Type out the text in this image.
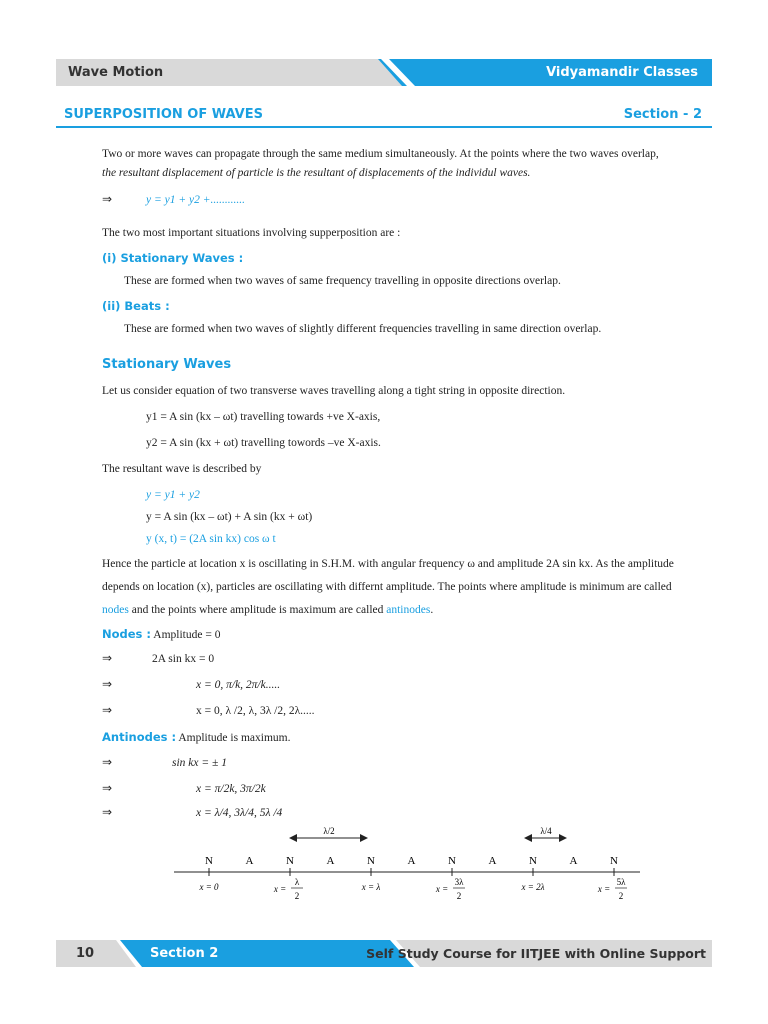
Wave Motion	Vidyamandir Classes
SUPERPOSITION OF WAVES	Section - 2
Two or more waves can propagate through the same medium simultaneously. At the points where the two waves overlap,
the resultant displacement of particle is the resultant of displacements of the individul waves.
⇒	y = y1 + y2 +............
The two most important situations involving supperposition are :
(i) Stationary Waves :
These are formed when two waves of same frequency travelling in opposite directions overlap.
(ii) Beats :
These are formed when two waves of slightly different frequencies travelling in same direction overlap.
Stationary Waves
Let us consider equation of two transverse waves travelling along a tight string in opposite direction.
y1 = A sin (kx – ωt) travelling towards +ve X-axis,
y2 = A sin (kx + ωt) travelling towords –ve X-axis.
The resultant wave is described by
y = y1 + y2
y = A sin (kx – ωt) + A sin (kx + ωt)
y (x, t) = (2A sin kx) cos ω t
Hence the particle at location x is oscillating in S.H.M. with angular frequency ω and amplitude 2A sin kx. As the amplitude
depends on location (x), particles are oscillating with differnt amplitude. The points where amplitude is minimum are called
nodes and the points where amplitude is maximum are called antinodes.
Nodes : Amplitude = 0
⇒	2A sin kx = 0
⇒	x = 0, π/k, 2π/k.....
⇒	x = 0, λ /2, λ, 3λ /2, 2λ.....
Antinodes : Amplitude is maximum.
⇒	sin kx = ± 1
⇒	x = π/2k, 3π/2k
⇒	x = λ/4, 3λ/4, 5λ /4
λ/2	λ/4
N	A	N	A	N	A	N	A	N	A	N
x = 0	x = λ	x = 2λ
x =
λ
2
x =
3λ
2
x =
5λ
2
10	Section 2	Self Study Course for IITJEE with Online Support
